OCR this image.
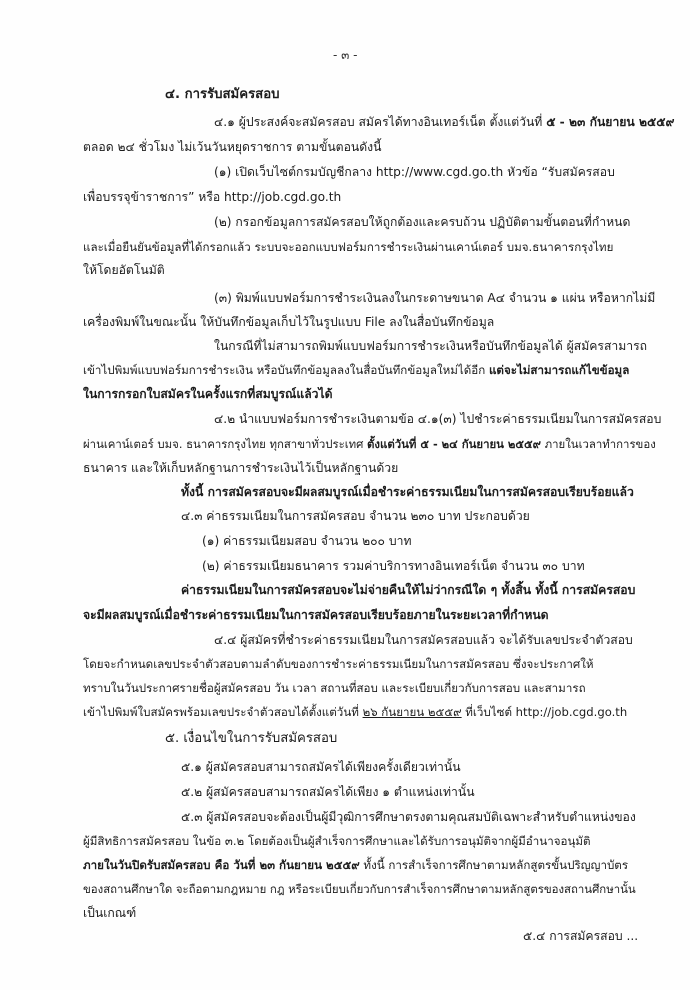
- ๓ -
๔. การรับสมัครสอบ
๔.๑ ผู้ประสงค์จะสมัครสอบ สมัครได้ทางอินเทอร์เน็ต ตั้งแต่วันที่ ๕ - ๒๓ กันยายน ๒๕๕๙
ตลอด ๒๔ ชั่วโมง ไม่เว้นวันหยุดราชการ ตามขั้นตอนดังนี้
(๑) เปิดเว็บไซต์กรมบัญชีกลาง http://www.cgd.go.th หัวข้อ “รับสมัครสอบ
เพื่อบรรจุข้าราชการ” หรือ http://job.cgd.go.th
(๒) กรอกข้อมูลการสมัครสอบให้ถูกต้องและครบถ้วน ปฏิบัติตามขั้นตอนที่กำหนด
และเมื่อยืนยันข้อมูลที่ได้กรอกแล้ว ระบบจะออกแบบฟอร์มการชำระเงินผ่านเคาน์เตอร์ บมจ.ธนาคารกรุงไทย
ให้โดยอัตโนมัติ
(๓) พิมพ์แบบฟอร์มการชำระเงินลงในกระดาษขนาด A๔ จำนวน ๑ แผ่น หรือหากไม่มี
เครื่องพิมพ์ในขณะนั้น ให้บันทึกข้อมูลเก็บไว้ในรูปแบบ File ลงในสื่อบันทึกข้อมูล
ในกรณีที่ไม่สามารถพิมพ์แบบฟอร์มการชำระเงินหรือบันทึกข้อมูลได้ ผู้สมัครสามารถ
เข้าไปพิมพ์แบบฟอร์มการชำระเงิน หรือบันทึกข้อมูลลงในสื่อบันทึกข้อมูลใหม่ได้อีก แต่จะไม่สามารถแก้ไขข้อมูล
ในการกรอกใบสมัครในครั้งแรกที่สมบูรณ์แล้วได้
๔.๒ นำแบบฟอร์มการชำระเงินตามข้อ ๔.๑(๓) ไปชำระค่าธรรมเนียมในการสมัครสอบ
ผ่านเคาน์เตอร์ บมจ. ธนาคารกรุงไทย ทุกสาขาทั่วประเทศ ตั้งแต่วันที่ ๕ - ๒๔ กันยายน ๒๕๕๙ ภายในเวลาทำการของ
ธนาคาร และให้เก็บหลักฐานการชำระเงินไว้เป็นหลักฐานด้วย
ทั้งนี้ การสมัครสอบจะมีผลสมบูรณ์เมื่อชำระค่าธรรมเนียมในการสมัครสอบเรียบร้อยแล้ว
๔.๓ ค่าธรรมเนียมในการสมัครสอบ จำนวน ๒๓๐ บาท ประกอบด้วย
(๑) ค่าธรรมเนียมสอบ จำนวน ๒๐๐ บาท
(๒) ค่าธรรมเนียมธนาคาร รวมค่าบริการทางอินเทอร์เน็ต จำนวน ๓๐ บาท
ค่าธรรมเนียมในการสมัครสอบจะไม่จ่ายคืนให้ไม่ว่ากรณีใด ๆ ทั้งสิ้น ทั้งนี้ การสมัครสอบ
จะมีผลสมบูรณ์เมื่อชำระค่าธรรมเนียมในการสมัครสอบเรียบร้อยภายในระยะเวลาที่กำหนด
๔.๔ ผู้สมัครที่ชำระค่าธรรมเนียมในการสมัครสอบแล้ว จะได้รับเลขประจำตัวสอบ
โดยจะกำหนดเลขประจำตัวสอบตามลำดับของการชำระค่าธรรมเนียมในการสมัครสอบ ซึ่งจะประกาศให้
ทราบในวันประกาศรายชื่อผู้สมัครสอบ วัน เวลา สถานที่สอบ และระเบียบเกี่ยวกับการสอบ และสามารถ
เข้าไปพิมพ์ใบสมัครพร้อมเลขประจำตัวสอบได้ตั้งแต่วันที่ ๒๖ กันยายน ๒๕๕๙ ที่เว็บไซต์ http://job.cgd.go.th
๕. เงื่อนไขในการรับสมัครสอบ
๕.๑ ผู้สมัครสอบสามารถสมัครได้เพียงครั้งเดียวเท่านั้น
๕.๒ ผู้สมัครสอบสามารถสมัครได้เพียง ๑ ตำแหน่งเท่านั้น
๕.๓ ผู้สมัครสอบจะต้องเป็นผู้มีวุฒิการศึกษาตรงตามคุณสมบัติเฉพาะสำหรับตำแหน่งของ
ผู้มีสิทธิการสมัครสอบ ในข้อ ๓.๒ โดยต้องเป็นผู้สำเร็จการศึกษาและได้รับการอนุมัติจากผู้มีอำนาจอนุมัติ
ภายในวันปิดรับสมัครสอบ คือ วันที่ ๒๓ กันยายน ๒๕๕๙ ทั้งนี้ การสำเร็จการศึกษาตามหลักสูตรขั้นปริญญาบัตร
ของสถานศึกษาใด จะถือตามกฎหมาย กฎ หรือระเบียบเกี่ยวกับการสำเร็จการศึกษาตามหลักสูตรของสถานศึกษานั้น
เป็นเกณฑ์
๕.๔ การสมัครสอบ ...
